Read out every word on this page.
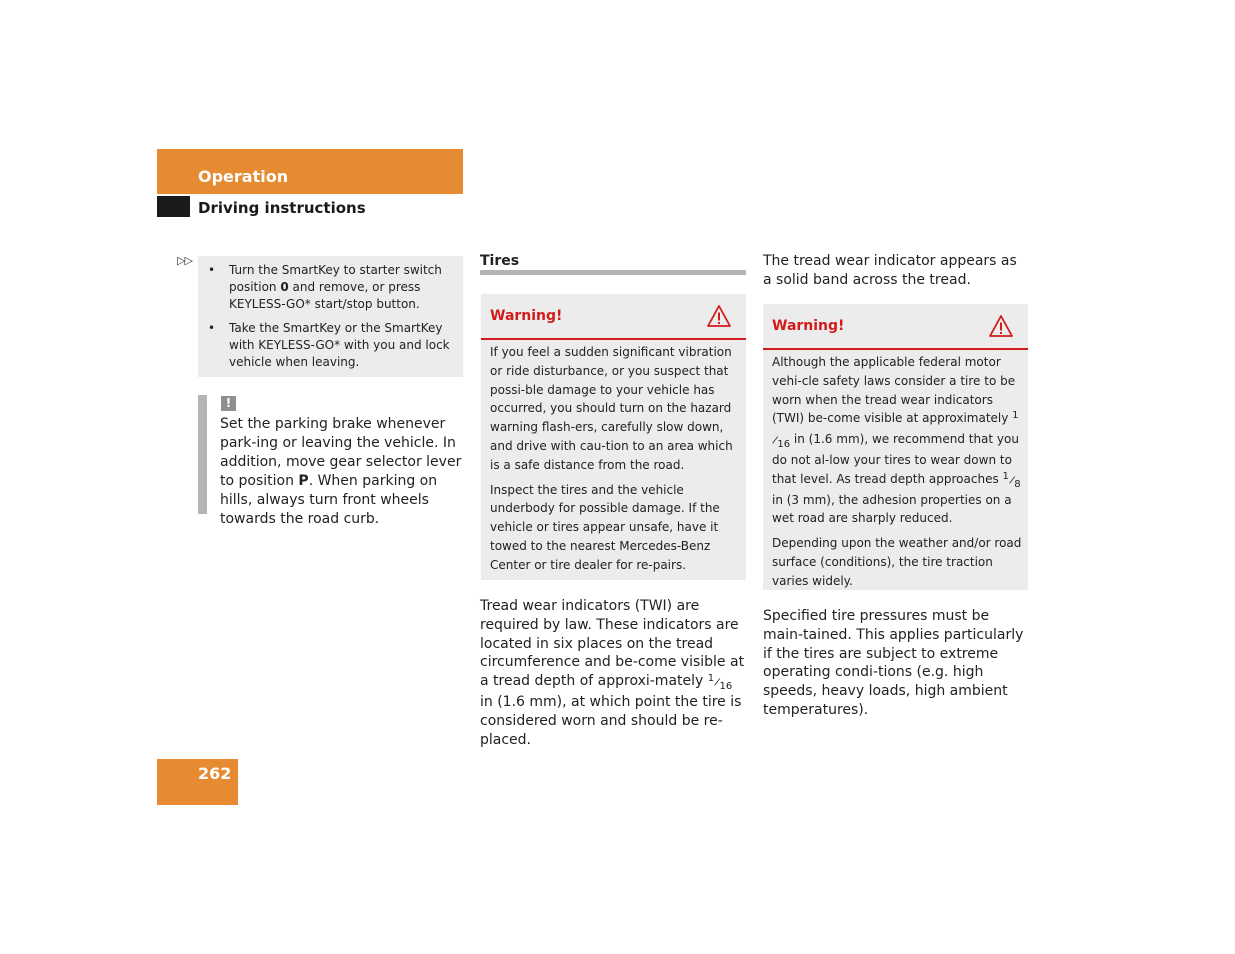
Operation
Driving instructions
▷▷
• Turn the SmartKey to starter switch position 0 and remove, or press KEYLESS-GO* start/stop button.
• Take the SmartKey or the SmartKey with KEYLESS-GO* with you and lock vehicle when leaving.
!
Set the parking brake whenever park-ing or leaving the vehicle. In addition, move gear selector lever to position P. When parking on hills, always turn front wheels towards the road curb.
Tires
Warning!

If you feel a sudden significant vibration or ride disturbance, or you suspect that possi-ble damage to your vehicle has occurred, you should turn on the hazard warning flash-ers, carefully slow down, and drive with cau-tion to an area which is a safe distance from the road.

Inspect the tires and the vehicle underbody for possible damage. If the vehicle or tires appear unsafe, have it towed to the nearest Mercedes-Benz Center or tire dealer for re-pairs.

Tread wear indicators (TWI) are required by law. These indicators are located in six places on the tread circumference and be-come visible at a tread depth of approxi-mately 1/16 in (1.6 mm), at which point the tire is considered worn and should be re-placed.
The tread wear indicator appears as a solid band across the tread.
Warning!

Although the applicable federal motor vehi-cle safety laws consider a tire to be worn when the tread wear indicators (TWI) be-come visible at approximately 1/16 in (1.6 mm), we recommend that you do not al-low your tires to wear down to that level. As tread depth approaches 1/8 in (3 mm), the adhesion properties on a wet road are sharply reduced.

Depending upon the weather and/or road surface (conditions), the tire traction varies widely.

Specified tire pressures must be main-tained. This applies particularly if the tires are subject to extreme operating condi-tions (e.g. high speeds, heavy loads, high ambient temperatures).
262
